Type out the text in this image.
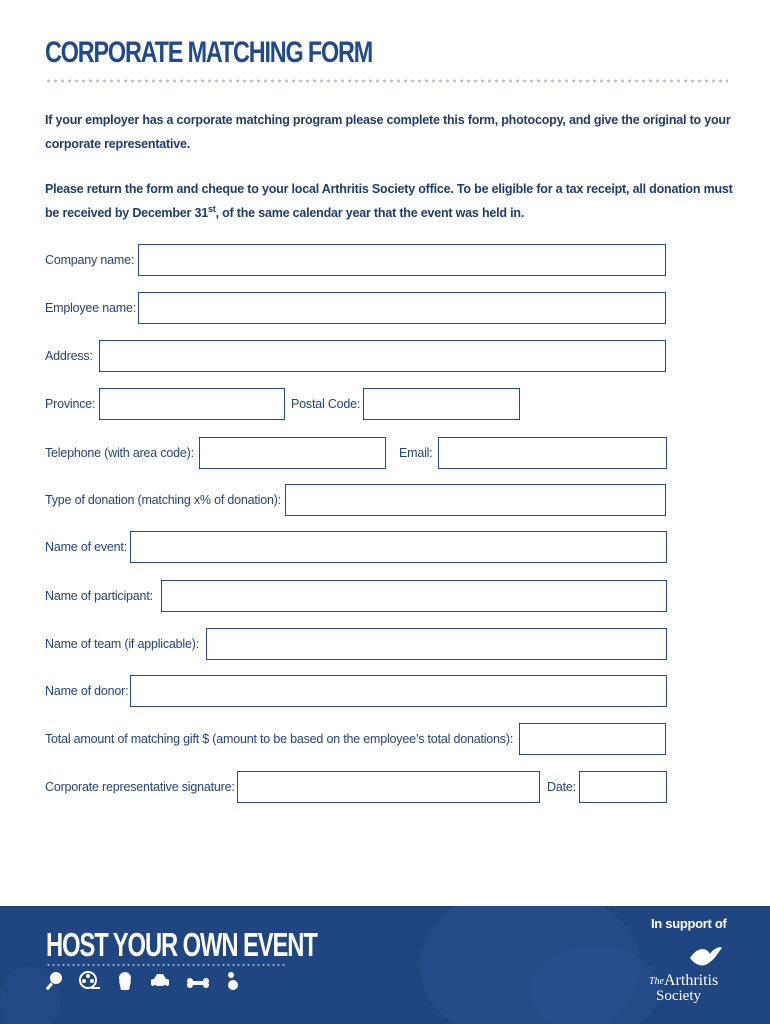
CORPORATE MATCHING FORM

If your employer has a corporate matching program please complete this form, photocopy, and give the original to your corporate representative.

Please return the form and cheque to your local Arthritis Society office. To be eligible for a tax receipt, all donation must be received by December 31st, of the same calendar year that the event was held in.

Company name:
Employee name:
Address:
Province:	Postal Code:
Telephone (with area code):	Email:
Type of donation (matching x% of donation):
Name of event:
Name of participant:
Name of team (if applicable):
Name of donor:
Total amount of matching gift $ (amount to be based on the employee’s total donations):
Corporate representative signature:	Date:
HOST YOUR OWN EVENT
In support of
The Arthritis
Society
